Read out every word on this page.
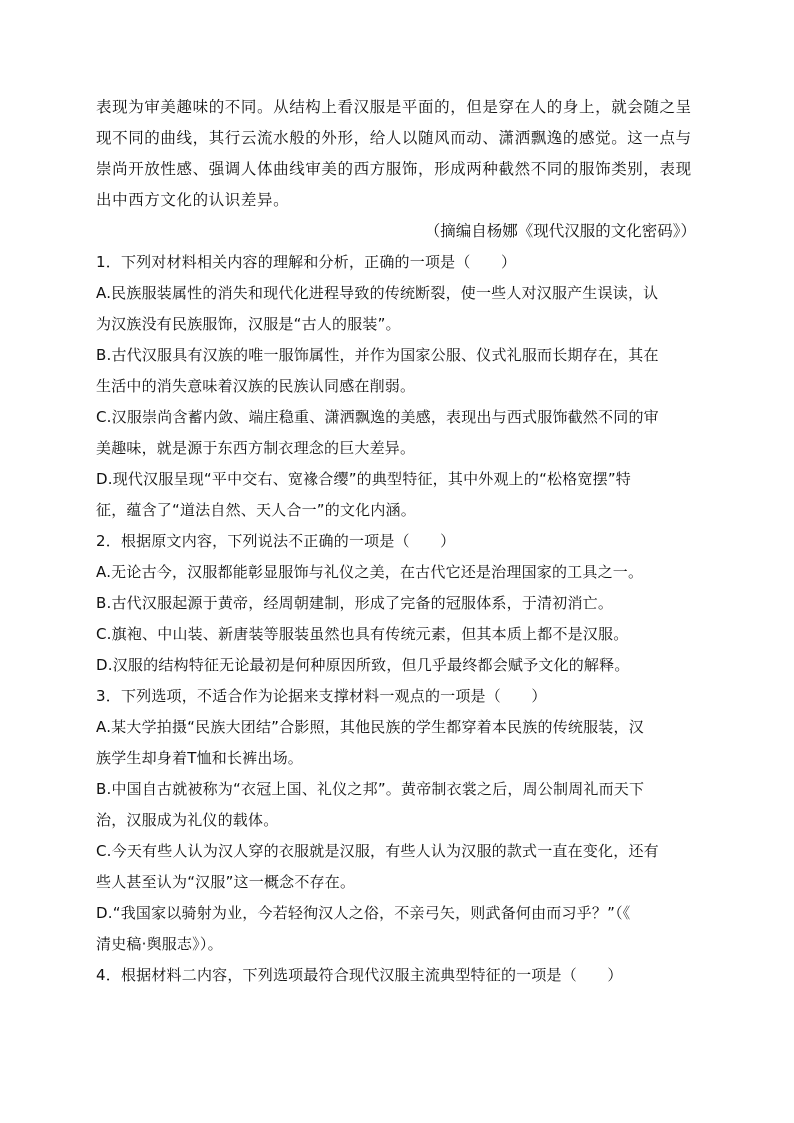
表现为审美趣味的不同。从结构上看汉服是平面的，但是穿在人的身上，就会随之呈
现不同的曲线，其行云流水般的外形，给人以随风而动、潇洒飘逸的感觉。这一点与
崇尚开放性感、强调人体曲线审美的西方服饰，形成两种截然不同的服饰类别，表现
出中西方文化的认识差异。
（摘编自杨娜《现代汉服的文化密码》）
1．下列对材料相关内容的理解和分析，正确的一项是（　　）
A.民族服装属性的消失和现代化进程导致的传统断裂，使一些人对汉服产生误读，认
为汉族没有民族服饰，汉服是“古人的服装”。
B.古代汉服具有汉族的唯一服饰属性，并作为国家公服、仪式礼服而长期存在，其在
生活中的消失意味着汉族的民族认同感在削弱。
C.汉服崇尚含蓄内敛、端庄稳重、潇洒飘逸的美感，表现出与西式服饰截然不同的审
美趣味，就是源于东西方制衣理念的巨大差异。
D.现代汉服呈现“平中交右、宽褖合缨”的典型特征，其中外观上的“松格宽摆”特
征，蕴含了“道法自然、天人合一”的文化内涵。
2．根据原文内容，下列说法不正确的一项是（　　）
A.无论古今，汉服都能彰显服饰与礼仪之美，在古代它还是治理国家的工具之一。
B.古代汉服起源于黄帝，经周朝建制，形成了完备的冠服体系，于清初消亡。
C.旗袍、中山装、新唐装等服装虽然也具有传统元素，但其本质上都不是汉服。
D.汉服的结构特征无论最初是何种原因所致，但几乎最终都会赋予文化的解释。
3．下列选项，不适合作为论据来支撑材料一观点的一项是（　　）
A.某大学拍摄“民族大团结”合影照，其他民族的学生都穿着本民族的传统服装，汉
族学生却身着T恤和长裤出场。
B.中国自古就被称为“衣冠上国、礼仪之邦”。黄帝制衣裳之后，周公制周礼而天下
治，汉服成为礼仪的载体。
C.今天有些人认为汉人穿的衣服就是汉服，有些人认为汉服的款式一直在变化，还有
些人甚至认为“汉服”这一概念不存在。
D.“我国家以骑射为业，今若轻徇汉人之俗，不亲弓矢，则武备何由而习乎？”（《
清史稿·舆服志》）。
4．根据材料二内容，下列选项最符合现代汉服主流典型特征的一项是（　　）
